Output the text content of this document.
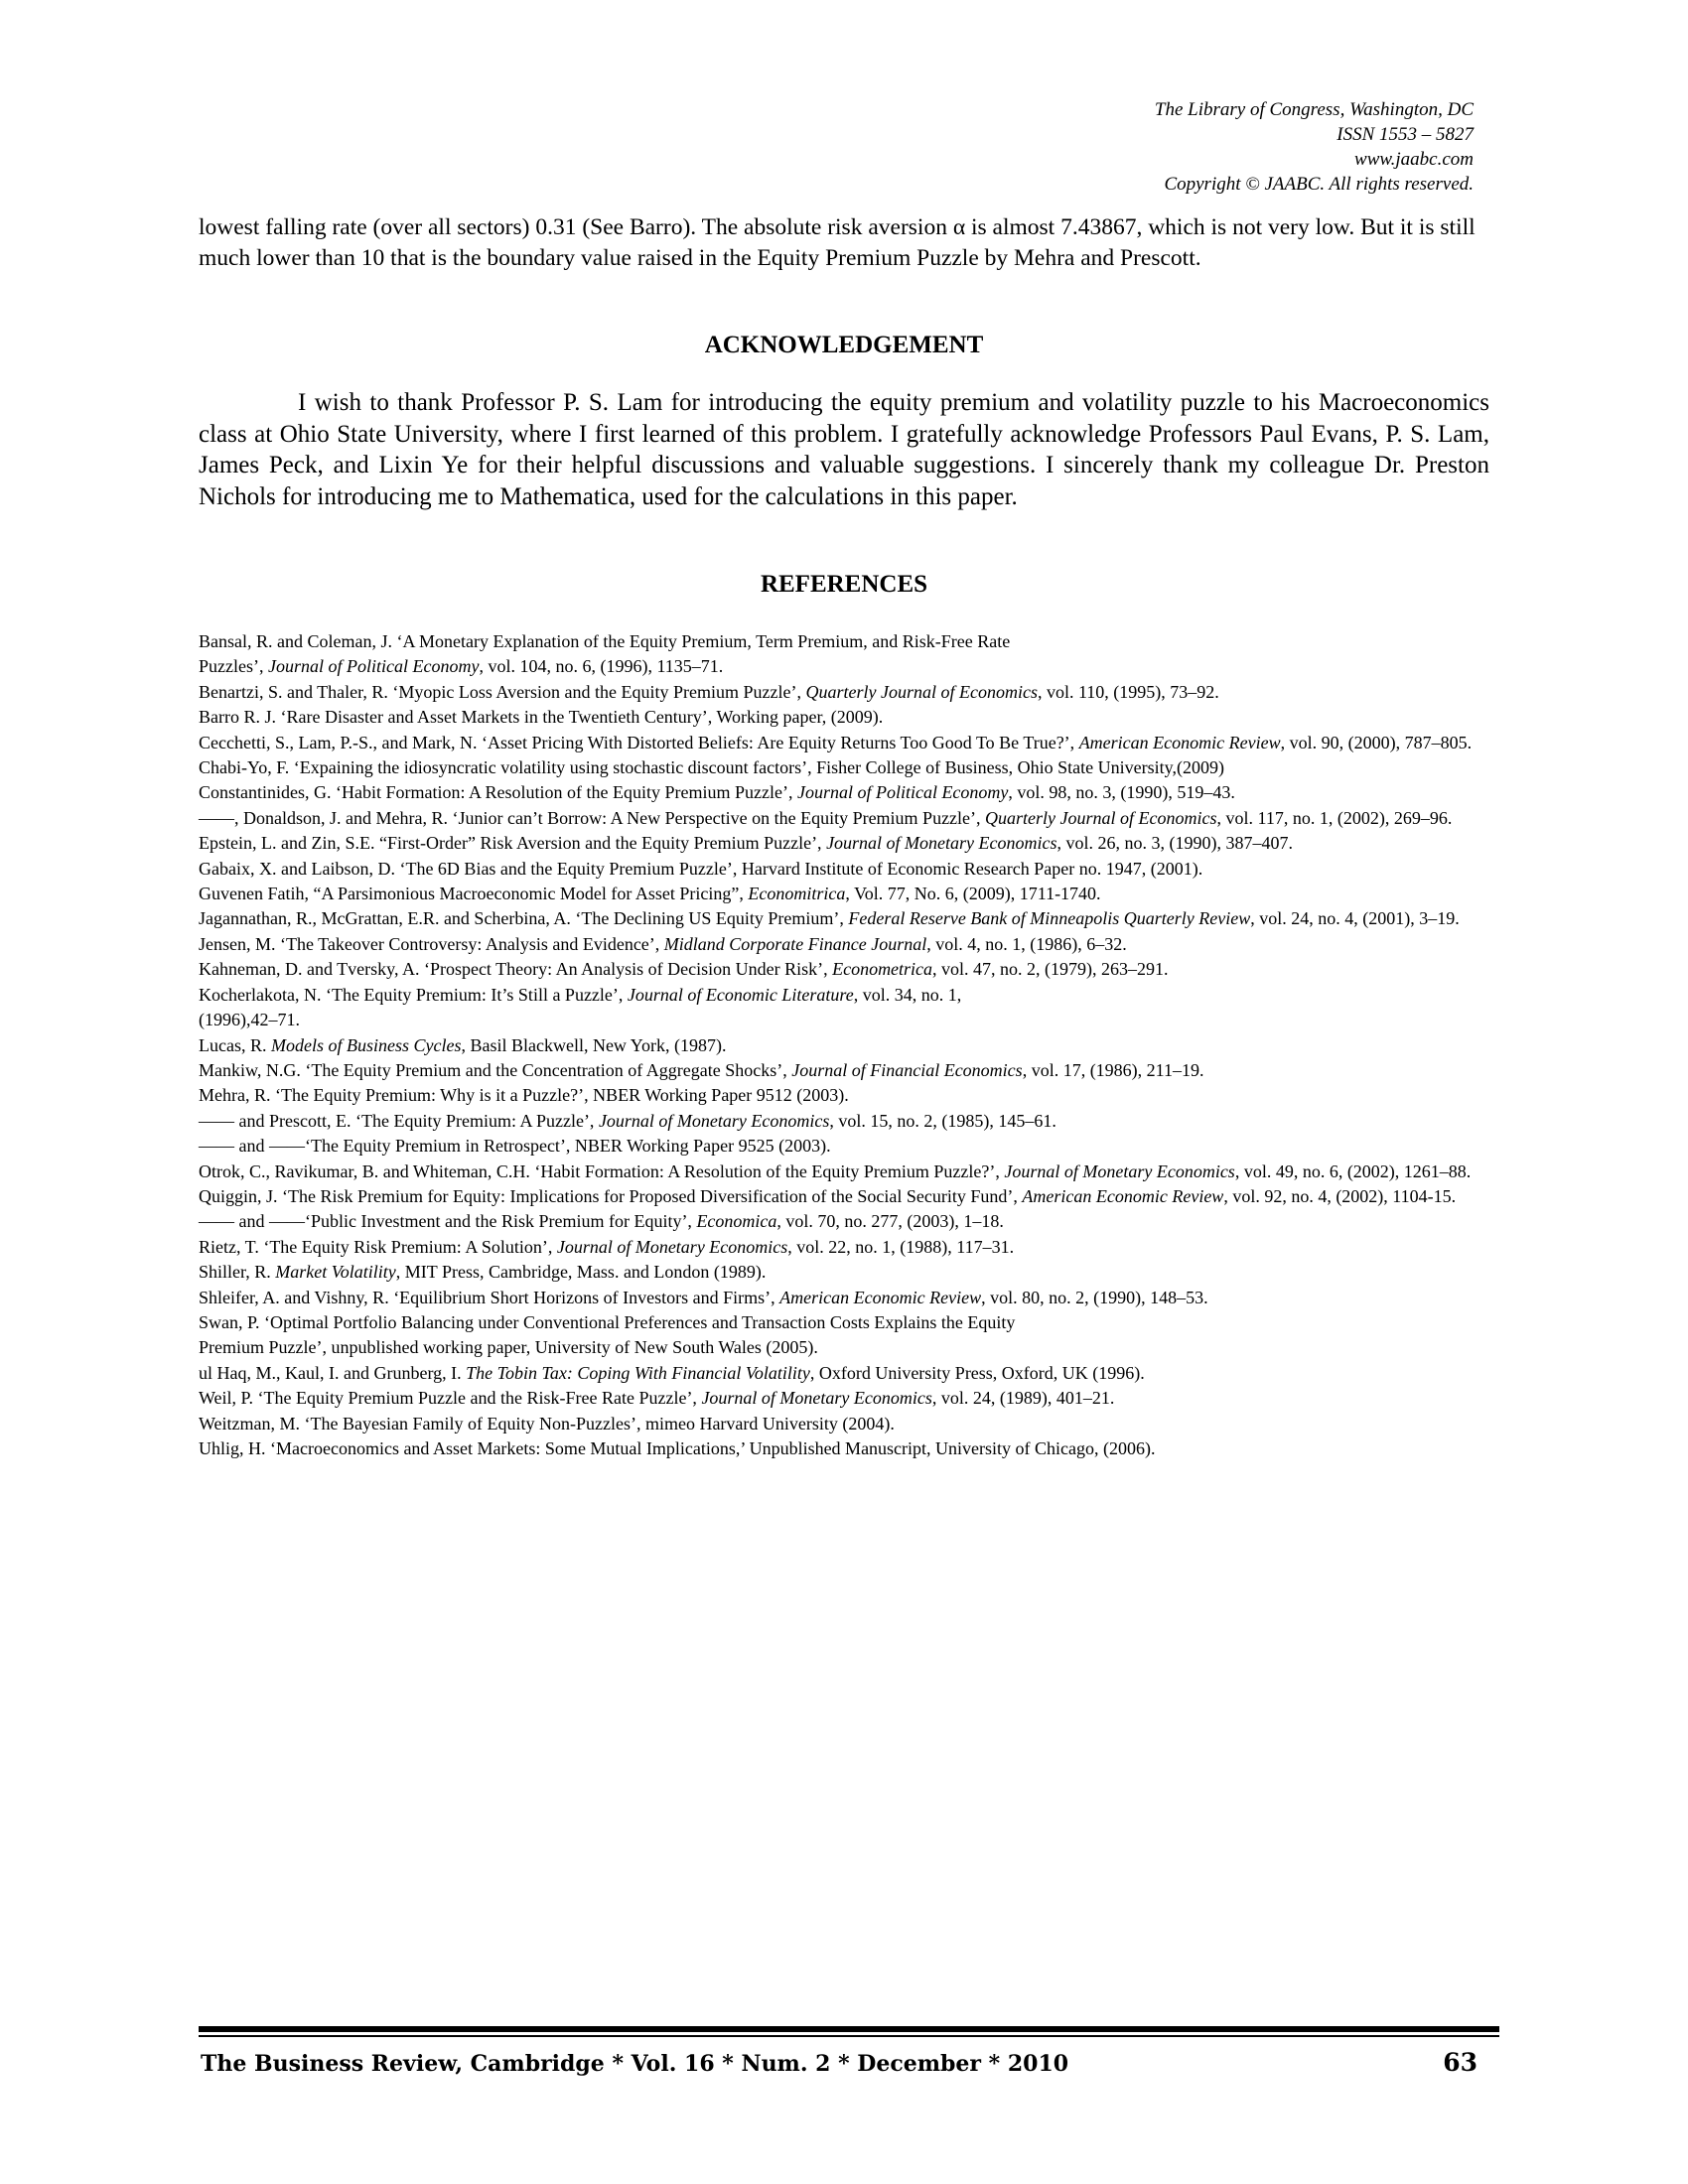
The Library of Congress, Washington, DC
ISSN 1553 – 5827
www.jaabc.com
Copyright © JAABC. All rights reserved.

lowest falling rate (over all sectors) 0.31 (See Barro). The absolute risk aversion α is almost 7.43867, which is not very low. But it is still much lower than 10 that is the boundary value raised in the Equity Premium Puzzle by Mehra and Prescott.

ACKNOWLEDGEMENT

I wish to thank Professor P. S. Lam for introducing the equity premium and volatility puzzle to his Macroeconomics class at Ohio State University, where I first learned of this problem. I gratefully acknowledge Professors Paul Evans, P. S. Lam, James Peck, and Lixin Ye for their helpful discussions and valuable suggestions. I sincerely thank my colleague Dr. Preston Nichols for introducing me to Mathematica, used for the calculations in this paper.

REFERENCES

Bansal, R. and Coleman, J. ‘A Monetary Explanation of the Equity Premium, Term Premium, and Risk-Free Rate

Puzzles’, Journal of Political Economy, vol. 104, no. 6, (1996), 1135–71.

Benartzi, S. and Thaler, R. ‘Myopic Loss Aversion and the Equity Premium Puzzle’, Quarterly Journal of Economics, vol. 110, (1995), 73–92.

Barro R. J. ‘Rare Disaster and Asset Markets in the Twentieth Century’, Working paper, (2009).

Cecchetti, S., Lam, P.-S., and Mark, N. ‘Asset Pricing With Distorted Beliefs: Are Equity Returns Too Good To Be True?’, American Economic Review, vol. 90, (2000), 787–805.

Chabi-Yo, F. ‘Expaining the idiosyncratic volatility using stochastic discount factors’, Fisher College of Business, Ohio State University,(2009)

Constantinides, G. ‘Habit Formation: A Resolution of the Equity Premium Puzzle’, Journal of Political Economy, vol. 98, no. 3, (1990), 519–43.

——, Donaldson, J. and Mehra, R. ‘Junior can’t Borrow: A New Perspective on the Equity Premium Puzzle’, Quarterly Journal of Economics, vol. 117, no. 1, (2002), 269–96.

Epstein, L. and Zin, S.E. “First-Order” Risk Aversion and the Equity Premium Puzzle’, Journal of Monetary Economics, vol. 26, no. 3, (1990), 387–407.

Gabaix, X. and Laibson, D. ‘The 6D Bias and the Equity Premium Puzzle’, Harvard Institute of Economic Research Paper no. 1947, (2001).

Guvenen Fatih, “A Parsimonious Macroeconomic Model for Asset Pricing”, Economitrica, Vol. 77, No. 6, (2009), 1711-1740.

Jagannathan, R., McGrattan, E.R. and Scherbina, A. ‘The Declining US Equity Premium’, Federal Reserve Bank of Minneapolis Quarterly Review, vol. 24, no. 4, (2001), 3–19.

Jensen, M. ‘The Takeover Controversy: Analysis and Evidence’, Midland Corporate Finance Journal, vol. 4, no. 1, (1986), 6–32.

Kahneman, D. and Tversky, A. ‘Prospect Theory: An Analysis of Decision Under Risk’, Econometrica, vol. 47, no. 2, (1979), 263–291.

Kocherlakota, N. ‘The Equity Premium: It’s Still a Puzzle’, Journal of Economic Literature, vol. 34, no. 1,

(1996),42–71.

Lucas, R. Models of Business Cycles, Basil Blackwell, New York, (1987).

Mankiw, N.G. ‘The Equity Premium and the Concentration of Aggregate Shocks’, Journal of Financial Economics, vol. 17, (1986), 211–19.

Mehra, R. ‘The Equity Premium: Why is it a Puzzle?’, NBER Working Paper 9512 (2003).

—— and Prescott, E. ‘The Equity Premium: A Puzzle’, Journal of Monetary Economics, vol. 15, no. 2, (1985), 145–61.

—— and ——‘The Equity Premium in Retrospect’, NBER Working Paper 9525 (2003).

Otrok, C., Ravikumar, B. and Whiteman, C.H. ‘Habit Formation: A Resolution of the Equity Premium Puzzle?’, Journal of Monetary Economics, vol. 49, no. 6, (2002), 1261–88.

Quiggin, J. ‘The Risk Premium for Equity: Implications for Proposed Diversification of the Social Security Fund’, American Economic Review, vol. 92, no. 4, (2002), 1104-15.

—— and ——‘Public Investment and the Risk Premium for Equity’, Economica, vol. 70, no. 277, (2003), 1–18.

Rietz, T. ‘The Equity Risk Premium: A Solution’, Journal of Monetary Economics, vol. 22, no. 1, (1988), 117–31.

Shiller, R. Market Volatility, MIT Press, Cambridge, Mass. and London (1989).

Shleifer, A. and Vishny, R. ‘Equilibrium Short Horizons of Investors and Firms’, American Economic Review, vol. 80, no. 2, (1990), 148–53.

Swan, P. ‘Optimal Portfolio Balancing under Conventional Preferences and Transaction Costs Explains the Equity

Premium Puzzle’, unpublished working paper, University of New South Wales (2005).

ul Haq, M., Kaul, I. and Grunberg, I. The Tobin Tax: Coping With Financial Volatility, Oxford University Press, Oxford, UK (1996).

Weil, P. ‘The Equity Premium Puzzle and the Risk-Free Rate Puzzle’, Journal of Monetary Economics, vol. 24, (1989), 401–21.

Weitzman, M. ‘The Bayesian Family of Equity Non-Puzzles’, mimeo Harvard University (2004).

Uhlig, H. ‘Macroeconomics and Asset Markets: Some Mutual Implications,’ Unpublished Manuscript, University of Chicago, (2006).

The Business Review, Cambridge * Vol. 16 * Num. 2 * December * 2010	63
